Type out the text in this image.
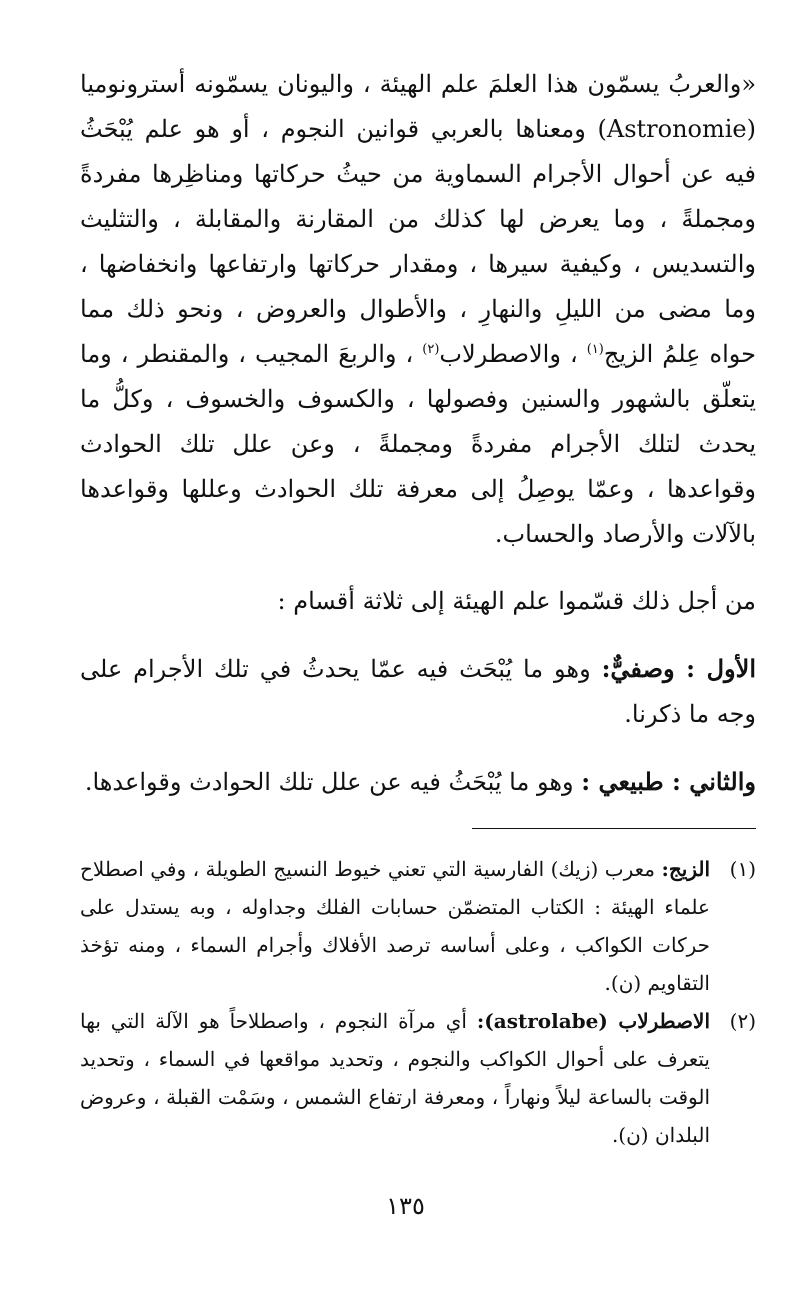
«والعربُ يسمّون هذا العلمَ علم الهيئة ، واليونان يسمّونه أسترونوميا (Astronomie) ومعناها بالعربي قوانين النجوم ، أو هو علم يُبْحَثُ فيه عن أحوال الأجرام السماوية من حيثُ حركاتها ومناظِرها مفردةً ومجملةً ، وما يعرض لها كذلك من المقارنة والمقابلة ، والتثليث والتسديس ، وكيفية سيرها ، ومقدار حركاتها وارتفاعها وانخفاضها ، وما مضى من الليلِ والنهارِ ، والأطوال والعروض ، ونحو ذلك مما حواه عِلمُ الزيج$^{(١)}$ ، والاصطرلاب$^{(٢)}$ ، والربعَ المجيب ، والمقنطر ، وما يتعلّق بالشهور والسنين وفصولها ، والكسوف والخسوف ، وكلُّ ما يحدث لتلك الأجرام مفردةً ومجملةً ، وعن علل تلك الحوادث وقواعدها ، وعمّا يوصِلُ إلى معرفة تلك الحوادث وعللها وقواعدها بالآلات والأرصاد والحساب.

من أجل ذلك قسّموا علم الهيئة إلى ثلاثة أقسام :

الأول : وصفيٌّ: وهو ما يُبْحَث فيه عمّا يحدثُ في تلك الأجرام على وجه ما ذكرنا.

والثاني : طبيعي : وهو ما يُبْحَثُ فيه عن علل تلك الحوادث وقواعدها.

(١)
الزيج: معرب (زيك) الفارسية التي تعني خيوط النسيج الطويلة ، وفي اصطلاح علماء الهيئة : الكتاب المتضمّن حسابات الفلك وجداوله ، وبه يستدل على حركات الكواكب ، وعلى أساسه ترصد الأفلاك وأجرام السماء ، ومنه تؤخذ التقاويم (ن).
(٢)
الاصطرلاب (astrolabe): أي مرآة النجوم ، واصطلاحاً هو الآلة التي بها يتعرف على أحوال الكواكب والنجوم ، وتحديد مواقعها في السماء ، وتحديد الوقت بالساعة ليلاً ونهاراً ، ومعرفة ارتفاع الشمس ، وسَمْت القبلة ، وعروض البلدان (ن).
١٣٥
